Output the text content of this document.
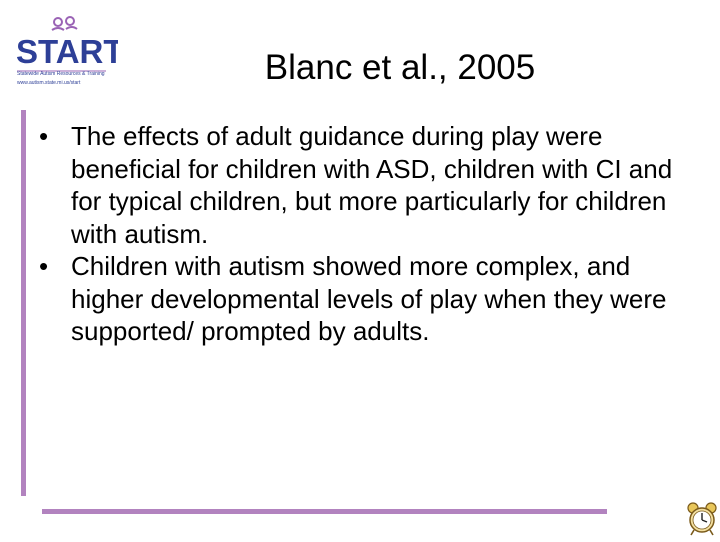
START
Statewide Autism Resources & Training
www.autism.state.mi.us/start	Blanc et al., 2005
• The effects of adult guidance during play were beneficial for children with ASD, children with CI and for typical children, but more particularly for children with autism.
• Children with autism showed more complex, and higher developmental levels of play when they were supported/ prompted by adults.
